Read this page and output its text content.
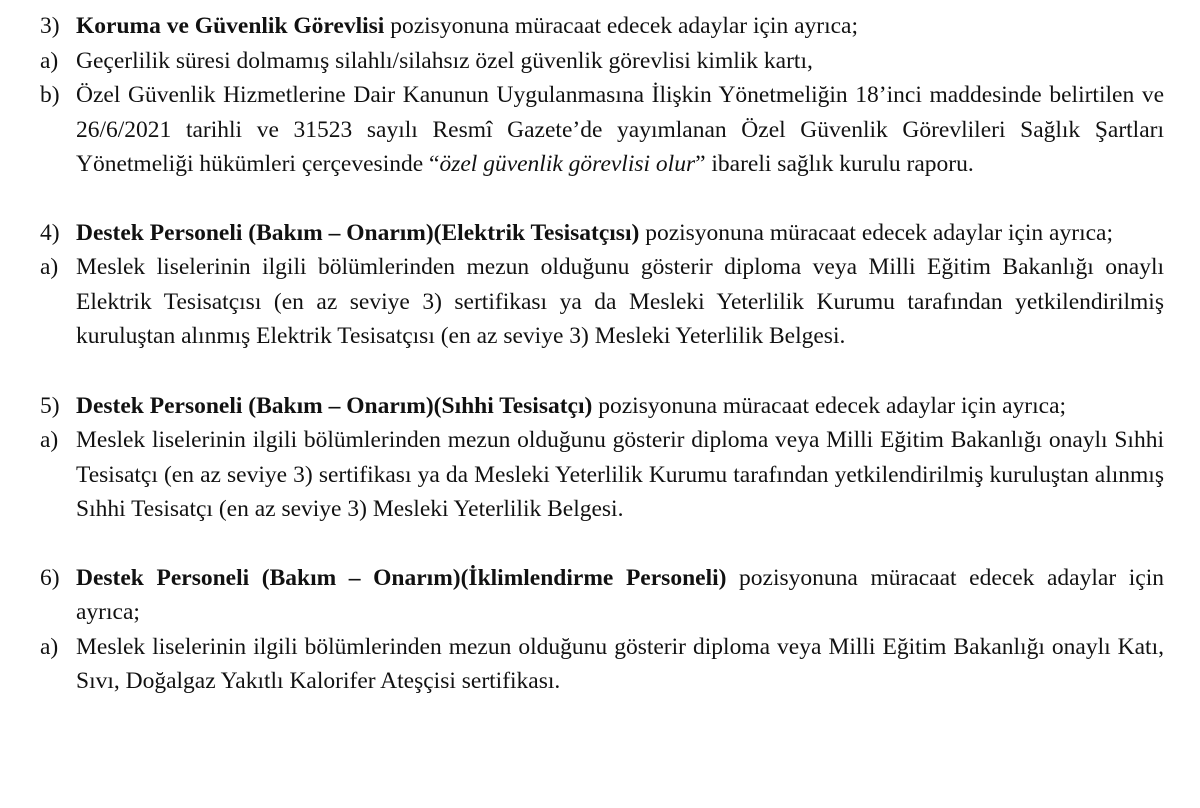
3) Koruma ve Güvenlik Görevlisi pozisyonuna müracaat edecek adaylar için ayrıca;
a) Geçerlilik süresi dolmamış silahlı/silahsız özel güvenlik görevlisi kimlik kartı,
b) Özel Güvenlik Hizmetlerine Dair Kanunun Uygulanmasına İlişkin Yönetmeliğin 18’inci maddesinde belirtilen ve 26/6/2021 tarihli ve 31523 sayılı Resmî Gazete’de yayımlanan Özel Güvenlik Görevlileri Sağlık Şartları Yönetmeliği hükümleri çerçevesinde “özel güvenlik görevlisi olur” ibareli sağlık kurulu raporu.
4) Destek Personeli (Bakım – Onarım)(Elektrik Tesisatçısı) pozisyonuna müracaat edecek adaylar için ayrıca;
a) Meslek liselerinin ilgili bölümlerinden mezun olduğunu gösterir diploma veya Milli Eğitim Bakanlığı onaylı Elektrik Tesisatçısı (en az seviye 3) sertifikası ya da Mesleki Yeterlilik Kurumu tarafından yetkilendirilmiş kuruluştan alınmış Elektrik Tesisatçısı (en az seviye 3) Mesleki Yeterlilik Belgesi.
5) Destek Personeli (Bakım – Onarım)(Sıhhi Tesisatçı) pozisyonuna müracaat edecek adaylar için ayrıca;
a) Meslek liselerinin ilgili bölümlerinden mezun olduğunu gösterir diploma veya Milli Eğitim Bakanlığı onaylı Sıhhi Tesisatçı (en az seviye 3) sertifikası ya da Mesleki Yeterlilik Kurumu tarafından yetkilendirilmiş kuruluştan alınmış Sıhhi Tesisatçı (en az seviye 3) Mesleki Yeterlilik Belgesi.
6) Destek Personeli (Bakım – Onarım)(İklimlendirme Personeli) pozisyonuna müracaat edecek adaylar için ayrıca;
a) Meslek liselerinin ilgili bölümlerinden mezun olduğunu gösterir diploma veya Milli Eğitim Bakanlığı onaylı Katı, Sıvı, Doğalgaz Yakıtlı Kalorifer Ateşçisi sertifikası.
